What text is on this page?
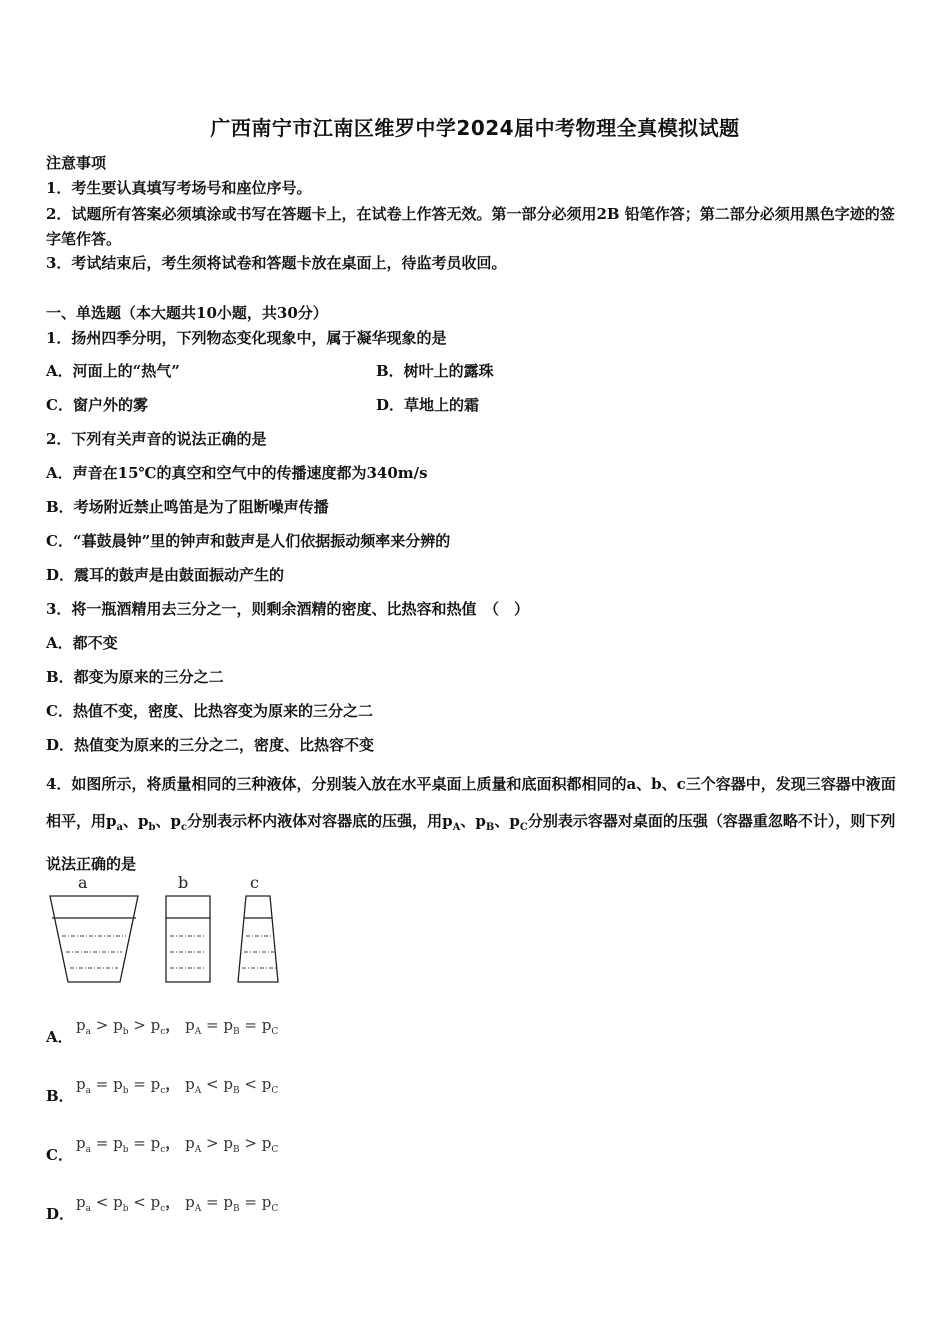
广西南宁市江南区维罗中学2024届中考物理全真模拟试题
注意事项
1．考生要认真填写考场号和座位序号。
2．试题所有答案必须填涂或书写在答题卡上，在试卷上作答无效。第一部分必须用2B 铅笔作答；第二部分必须用黑色字迹的签字笔作答。
3．考试结束后，考生须将试卷和答题卡放在桌面上，待监考员收回。
一、单选题（本大题共10小题，共30分）
1．扬州四季分明，下列物态变化现象中，属于凝华现象的是
A．河面上的“热气”	B．树叶上的露珠
C．窗户外的雾	D．草地上的霜
2．下列有关声音的说法正确的是
A．声音在15℃的真空和空气中的传播速度都为340m/s
B．考场附近禁止鸣笛是为了阻断噪声传播
C．“暮鼓晨钟”里的钟声和鼓声是人们依据振动频率来分辨的
D．震耳的鼓声是由鼓面振动产生的
3．将一瓶酒精用去三分之一，则剩余酒精的密度、比热容和热值　（　）
A．都不变
B．都变为原来的三分之二
C．热值不变，密度、比热容变为原来的三分之二
D．热值变为原来的三分之二，密度、比热容不变
4．如图所示，将质量相同的三种液体，分别装入放在水平桌面上质量和底面积都相同的a、b、c三个容器中，发现三容器中液面相平，用$p_a$、$p_b$、$p_c$分别表示杯内液体对容器底的压强，用$p_A$、$p_B$、$p_C$分别表示容器对桌面的压强（容器重忽略不计），则下列说法正确的是
a	b	c
A．
$p_a > p_b > p_c$， $p_A = p_B = p_C$
B．
$p_a = p_b = p_c$， $p_A < p_B < p_C$
C．
$p_a = p_b = p_c$， $p_A > p_B > p_C$
D．
$p_a < p_b < p_c$， $p_A = p_B = p_C$
